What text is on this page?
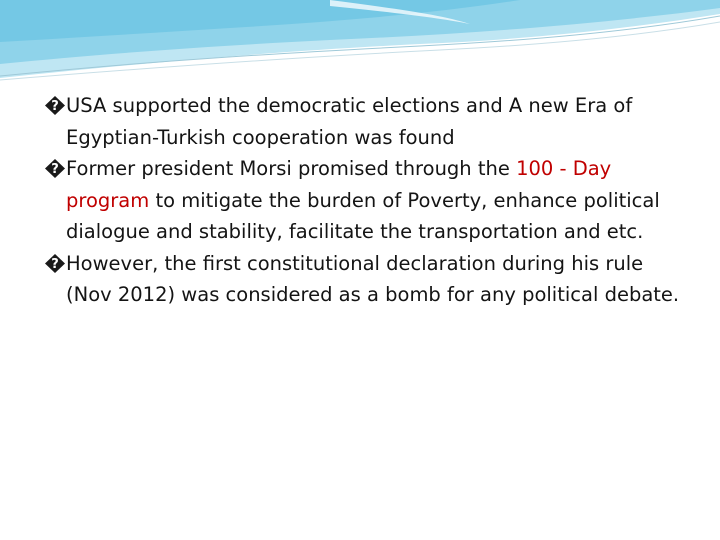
? USA supported the democratic elections and A new Era of Egyptian-Turkish cooperation was found
? Former president Morsi promised through the 100 - Day program to mitigate the burden of Poverty, enhance political dialogue and stability, facilitate the transportation and etc.
? However, the first constitutional declaration during his rule (Nov 2012) was considered as a bomb for any political debate.
